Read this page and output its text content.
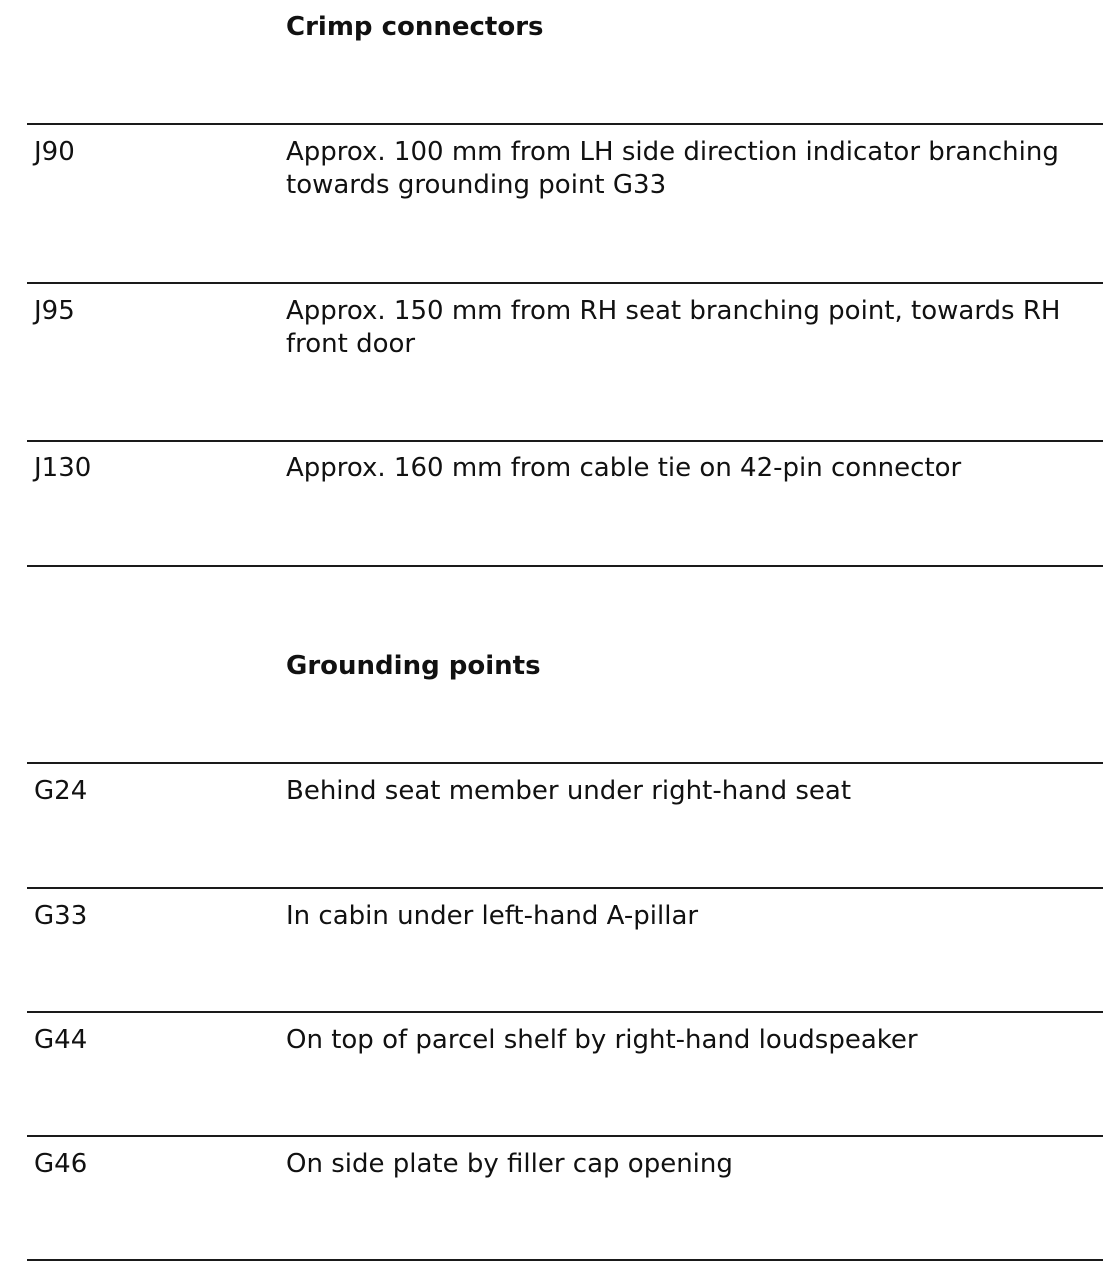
Crimp connectors
J90	Approx. 100 mm from LH side direction indicator branching towards grounding point G33
J95	Approx. 150 mm from RH seat branching point, towards RH front door
J130	Approx. 160 mm from cable tie on 42-pin connector
Grounding points
G24	Behind seat member under right-hand seat
G33	In cabin under left-hand A-pillar
G44	On top of parcel shelf by right-hand loudspeaker
G46	On side plate by filler cap opening
